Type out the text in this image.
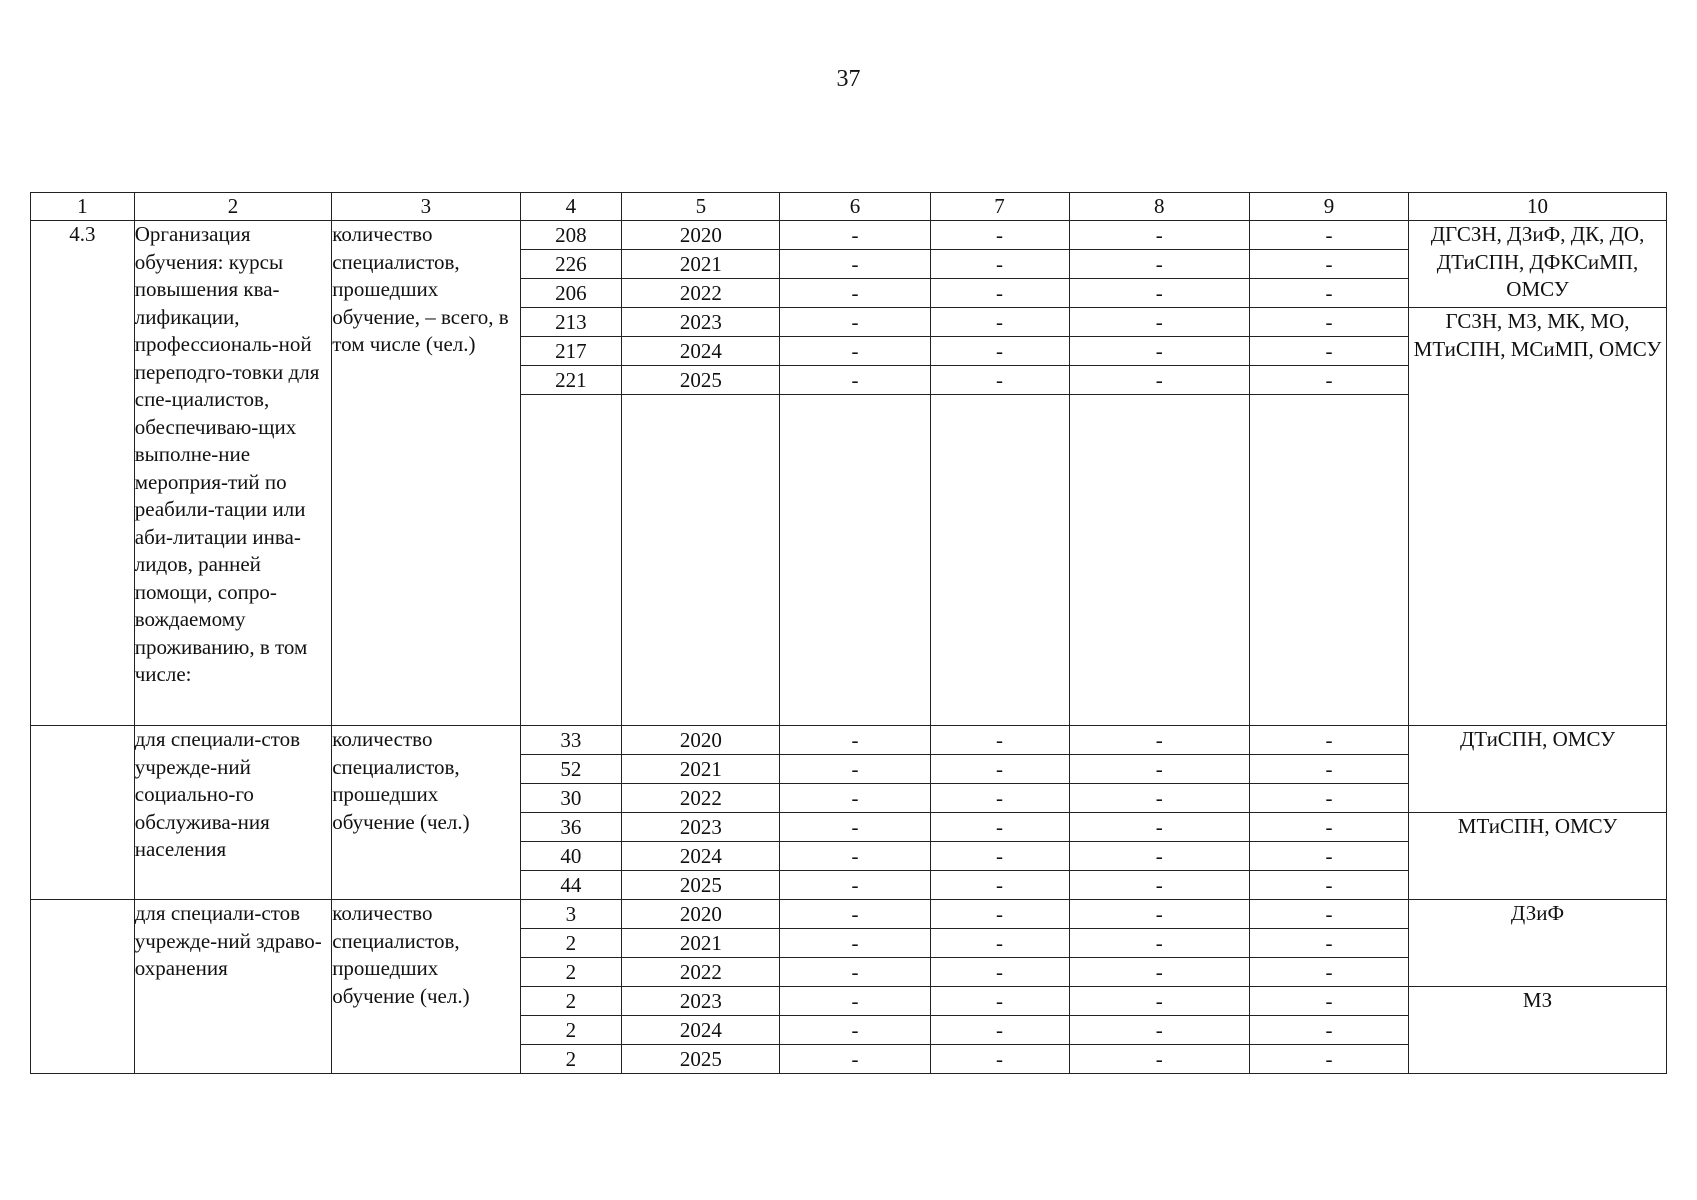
37
1	2	3	4	5	6	7	8	9	10
4.3	Организация обучения: курсы повышения ква-лификации, профессиональ-ной переподго-товки для спе-циалистов, обеспечиваю-щих выполне-ние мероприя-тий по реабили-тации или аби-литации инва-лидов, ранней помощи, сопро-вождаемому проживанию, в том числе:	количество специалистов, прошедших обучение, – всего, в том числе (чел.)	208	2020	-	-	-	-	ДГСЗН, ДЗиФ, ДК, ДО, ДТиСПН, ДФКСиМП, ОМСУ
			226	2021	-	-	-	-	
			206	2022	-	-	-	-	
			213	2023	-	-	-	-	ГСЗН, МЗ, МК, МО, МТиСПН, МСиМП, ОМСУ
			217	2024	-	-	-	-	
			221	2025	-	-	-	-	

	для специали-стов учрежде-ний социально-го обслужива-ния населения	количество специалистов, прошедших обучение (чел.)	33	2020	-	-	-	-	ДТиСПН, ОМСУ
			52	2021	-	-	-	-	
			30	2022	-	-	-	-	
			36	2023	-	-	-	-	МТиСПН, ОМСУ
			40	2024	-	-	-	-	
			44	2025	-	-	-	-	
	для специали-стов учрежде-ний здраво-охранения	количество специалистов, прошедших обучение (чел.)	3	2020	-	-	-	-	ДЗиФ
			2	2021	-	-	-	-	
			2	2022	-	-	-	-	
			2	2023	-	-	-	-	МЗ
			2	2024	-	-	-	-	
			2	2025	-	-	-	-	
